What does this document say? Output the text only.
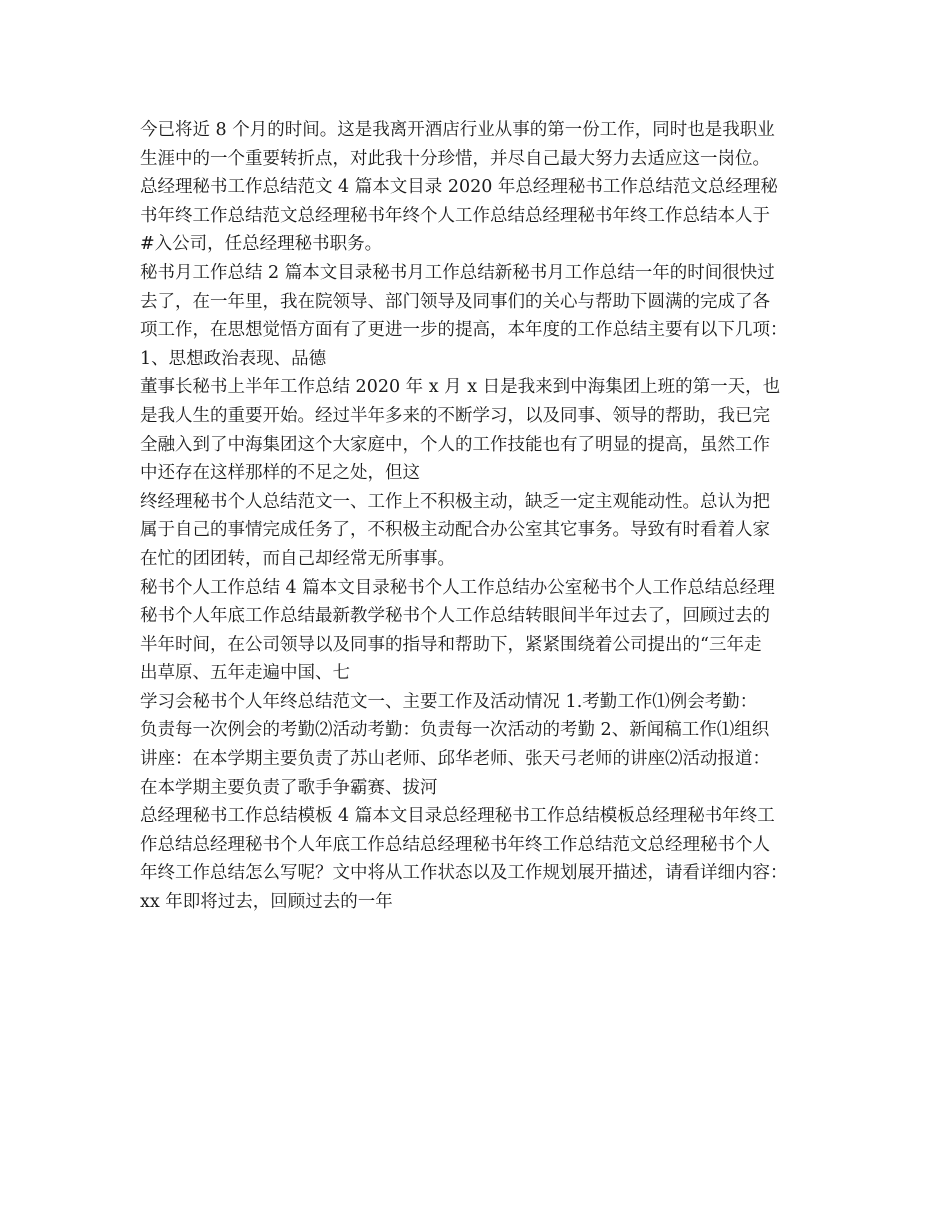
今已将近 8 个月的时间。这是我离开酒店行业从事的第一份工作，同时也是我职业
生涯中的一个重要转折点，对此我十分珍惜，并尽自己最大努力去适应这一岗位。
总经理秘书工作总结范文 4 篇本文目录 2020 年总经理秘书工作总结范文总经理秘
书年终工作总结范文总经理秘书年终个人工作总结总经理秘书年终工作总结本人于
#入公司，任总经理秘书职务。
秘书月工作总结 2 篇本文目录秘书月工作总结新秘书月工作总结一年的时间很快过
去了，在一年里，我在院领导、部门领导及同事们的关心与帮助下圆满的完成了各
项工作，在思想觉悟方面有了更进一步的提高，本年度的工作总结主要有以下几项：
1、思想政治表现、品德
董事长秘书上半年工作总结 2020 年 x 月 x 日是我来到中海集团上班的第一天，也
是我人生的重要开始。经过半年多来的不断学习，以及同事、领导的帮助，我已完
全融入到了中海集团这个大家庭中，个人的工作技能也有了明显的提高，虽然工作
中还存在这样那样的不足之处，但这
终经理秘书个人总结范文一、工作上不积极主动，缺乏一定主观能动性。总认为把
属于自己的事情完成任务了，不积极主动配合办公室其它事务。导致有时看着人家
在忙的团团转，而自己却经常无所事事。
秘书个人工作总结 4 篇本文目录秘书个人工作总结办公室秘书个人工作总结总经理
秘书个人年底工作总结最新教学秘书个人工作总结转眼间半年过去了，回顾过去的
半年时间，在公司领导以及同事的指导和帮助下，紧紧围绕着公司提出的“三年走
出草原、五年走遍中国、七
学习会秘书个人年终总结范文一、主要工作及活动情况 1.考勤工作⑴例会考勤：
负责每一次例会的考勤⑵活动考勤：负责每一次活动的考勤 2、新闻稿工作⑴组织
讲座：在本学期主要负责了苏山老师、邱华老师、张天弓老师的讲座⑵活动报道：
在本学期主要负责了歌手争霸赛、拔河
总经理秘书工作总结模板 4 篇本文目录总经理秘书工作总结模板总经理秘书年终工
作总结总经理秘书个人年底工作总结总经理秘书年终工作总结范文总经理秘书个人
年终工作总结怎么写呢？文中将从工作状态以及工作规划展开描述，请看详细内容：
xx 年即将过去，回顾过去的一年
